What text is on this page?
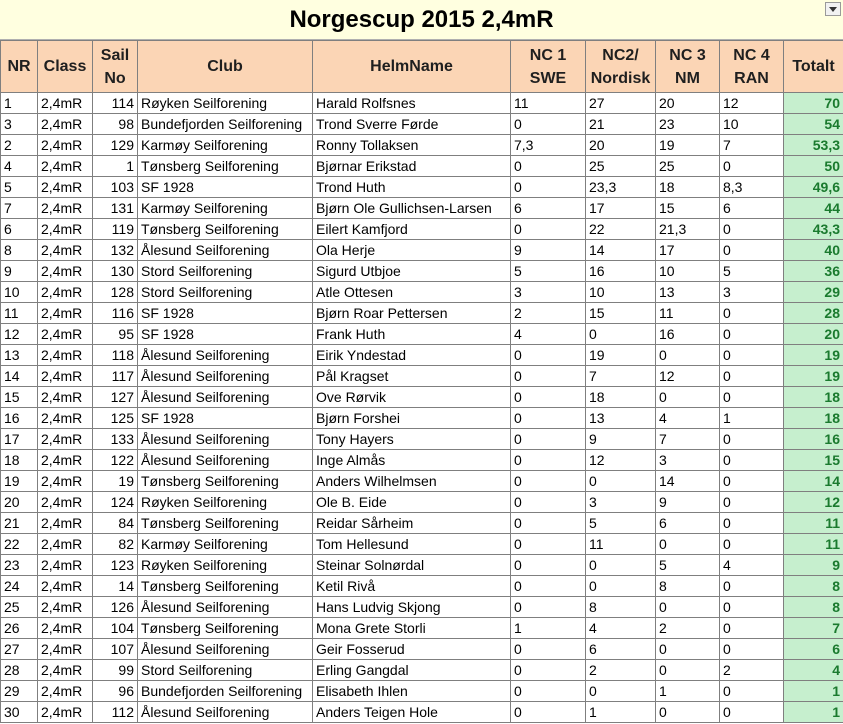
Norgescup 2015 2,4mR
NR	Class	Sail No	Club	HelmName	NC 1 SWE	NC2/ Nordisk	NC 3 NM	NC 4 RAN	Totalt
1	2,4mR	114	Røyken Seilforening	Harald Rolfsnes	11	27	20	12	70
3	2,4mR	98	Bundefjorden Seilforening	Trond Sverre Førde	0	21	23	10	54
2	2,4mR	129	Karmøy Seilforening	Ronny Tollaksen	7,3	20	19	7	53,3
4	2,4mR	1	Tønsberg Seilforening	Bjørnar Erikstad	0	25	25	0	50
5	2,4mR	103	SF 1928	Trond Huth	0	23,3	18	8,3	49,6
7	2,4mR	131	Karmøy Seilforening	Bjørn Ole Gullichsen-Larsen	6	17	15	6	44
6	2,4mR	119	Tønsberg Seilforening	Eilert Kamfjord	0	22	21,3	0	43,3
8	2,4mR	132	Ålesund Seilforening	Ola Herje	9	14	17	0	40
9	2,4mR	130	Stord Seilforening	Sigurd Utbjoe	5	16	10	5	36
10	2,4mR	128	Stord Seilforening	Atle Ottesen	3	10	13	3	29
11	2,4mR	116	SF 1928	Bjørn Roar Pettersen	2	15	11	0	28
12	2,4mR	95	SF 1928	Frank Huth	4	0	16	0	20
13	2,4mR	118	Ålesund Seilforening	Eirik Yndestad	0	19	0	0	19
14	2,4mR	117	Ålesund Seilforening	Pål Kragset	0	7	12	0	19
15	2,4mR	127	Ålesund Seilforening	Ove Rørvik	0	18	0	0	18
16	2,4mR	125	SF 1928	Bjørn Forshei	0	13	4	1	18
17	2,4mR	133	Ålesund Seilforening	Tony Hayers	0	9	7	0	16
18	2,4mR	122	Ålesund Seilforening	Inge Almås	0	12	3	0	15
19	2,4mR	19	Tønsberg Seilforening	Anders Wilhelmsen	0	0	14	0	14
20	2,4mR	124	Røyken Seilforening	Ole B. Eide	0	3	9	0	12
21	2,4mR	84	Tønsberg Seilforening	Reidar Sårheim	0	5	6	0	11
22	2,4mR	82	Karmøy Seilforening	Tom Hellesund	0	11	0	0	11
23	2,4mR	123	Røyken Seilforening	Steinar Solnørdal	0	0	5	4	9
24	2,4mR	14	Tønsberg Seilforening	Ketil Rivå	0	0	8	0	8
25	2,4mR	126	Ålesund Seilforening	Hans Ludvig Skjong	0	8	0	0	8
26	2,4mR	104	Tønsberg Seilforening	Mona Grete Storli	1	4	2	0	7
27	2,4mR	107	Ålesund Seilforening	Geir Fosserud	0	6	0	0	6
28	2,4mR	99	Stord Seilforening	Erling Gangdal	0	2	0	2	4
29	2,4mR	96	Bundefjorden Seilforening	Elisabeth Ihlen	0	0	1	0	1
30	2,4mR	112	Ålesund Seilforening	Anders Teigen Hole	0	1	0	0	1
